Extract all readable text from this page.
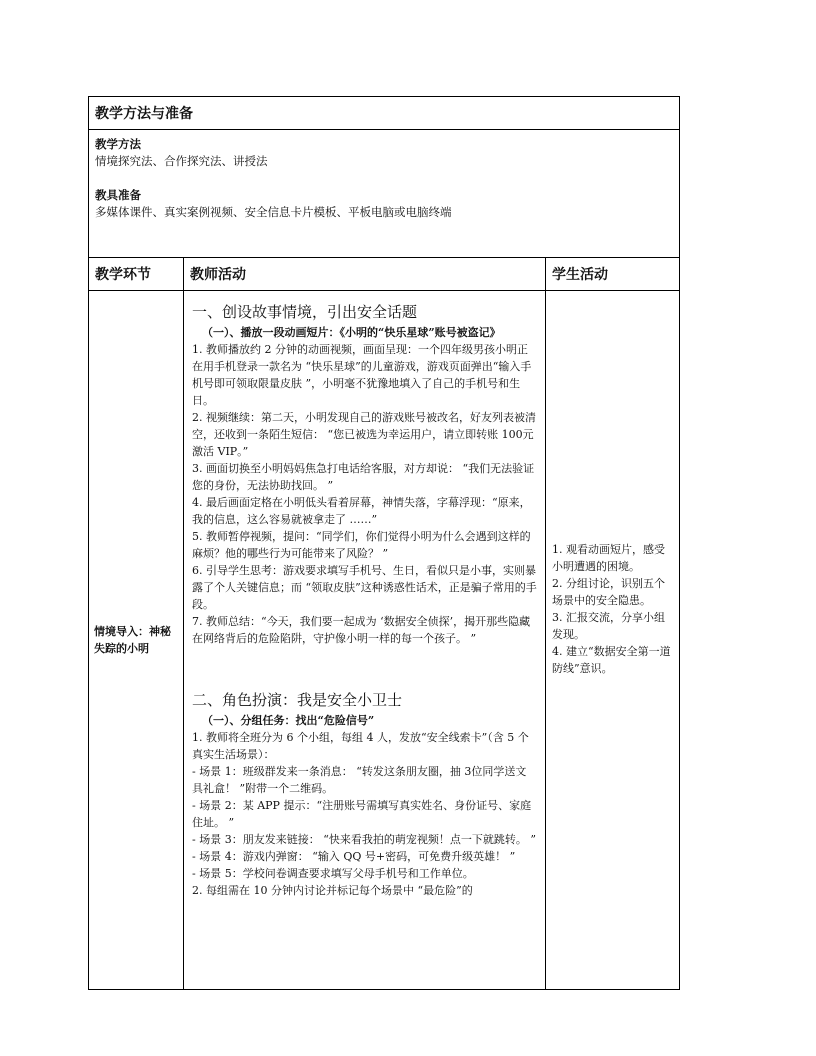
教学方法与准备
教学方法
情境探究法、合作探究法、讲授法
教具准备
多媒体课件、真实案例视频、安全信息卡片模板、平板电脑或电脑终端
教学环节	教师活动	学生活动
情境导入：神秘失踪的小明
一、创设故事情境，引出安全话题
（一）、播放一段动画短片：《小明的“快乐星球”账号被盗记》
1. 教师播放约 2 分钟的动画视频，画面呈现：一个四年级男孩小明正在用手机登录一款名为 “快乐星球”的儿童游戏，游戏页面弹出“输入手机号即可领取限量皮肤 ”，小明毫不犹豫地填入了自己的手机号和生日。
2. 视频继续：第二天，小明发现自己的游戏账号被改名，好友列表被清空，还收到一条陌生短信： “您已被选为幸运用户，请立即转账 100元激活 VIP。”
3. 画面切换至小明妈妈焦急打电话给客服，对方却说： “我们无法验证您的身份，无法协助找回。 ”
4. 最后画面定格在小明低头看着屏幕，神情失落，字幕浮现：“原来，我的信息，这么容易就被拿走了 ……”
5. 教师暂停视频，提问：“同学们，你们觉得小明为什么会遇到这样的麻烦？他的哪些行为可能带来了风险？ ”
6. 引导学生思考：游戏要求填写手机号、生日，看似只是小事，实则暴露了个人关键信息；而 “领取皮肤”这种诱惑性话术，正是骗子常用的手段。
7. 教师总结：“今天，我们要一起成为 ‘数据安全侦探’，揭开那些隐藏在网络背后的危险陷阱，守护像小明一样的每一个孩子。 ”
二、角色扮演：我是安全小卫士
（一）、分组任务：找出“危险信号”
1. 教师将全班分为 6 个小组，每组 4 人，发放“安全线索卡”（含 5 个真实生活场景）：
- 场景 1：班级群发来一条消息： “转发这条朋友圈，抽 3位同学送文具礼盒！ ”附带一个二维码。
- 场景 2：某 APP 提示：“注册账号需填写真实姓名、身份证号、家庭住址。 ”
- 场景 3：朋友发来链接： “快来看我拍的萌宠视频！点一下就跳转。 ”
- 场景 4：游戏内弹窗： “输入 QQ 号+密码，可免费升级英雄！ ”
- 场景 5：学校问卷调查要求填写父母手机号和工作单位。
2. 每组需在 10 分钟内讨论并标记每个场景中 “最危险”的
1. 观看动画短片，感受小明遭遇的困境。
2. 分组讨论，识别五个场景中的安全隐患。
3. 汇报交流，分享小组发现。
4. 建立“数据安全第一道防线”意识。
